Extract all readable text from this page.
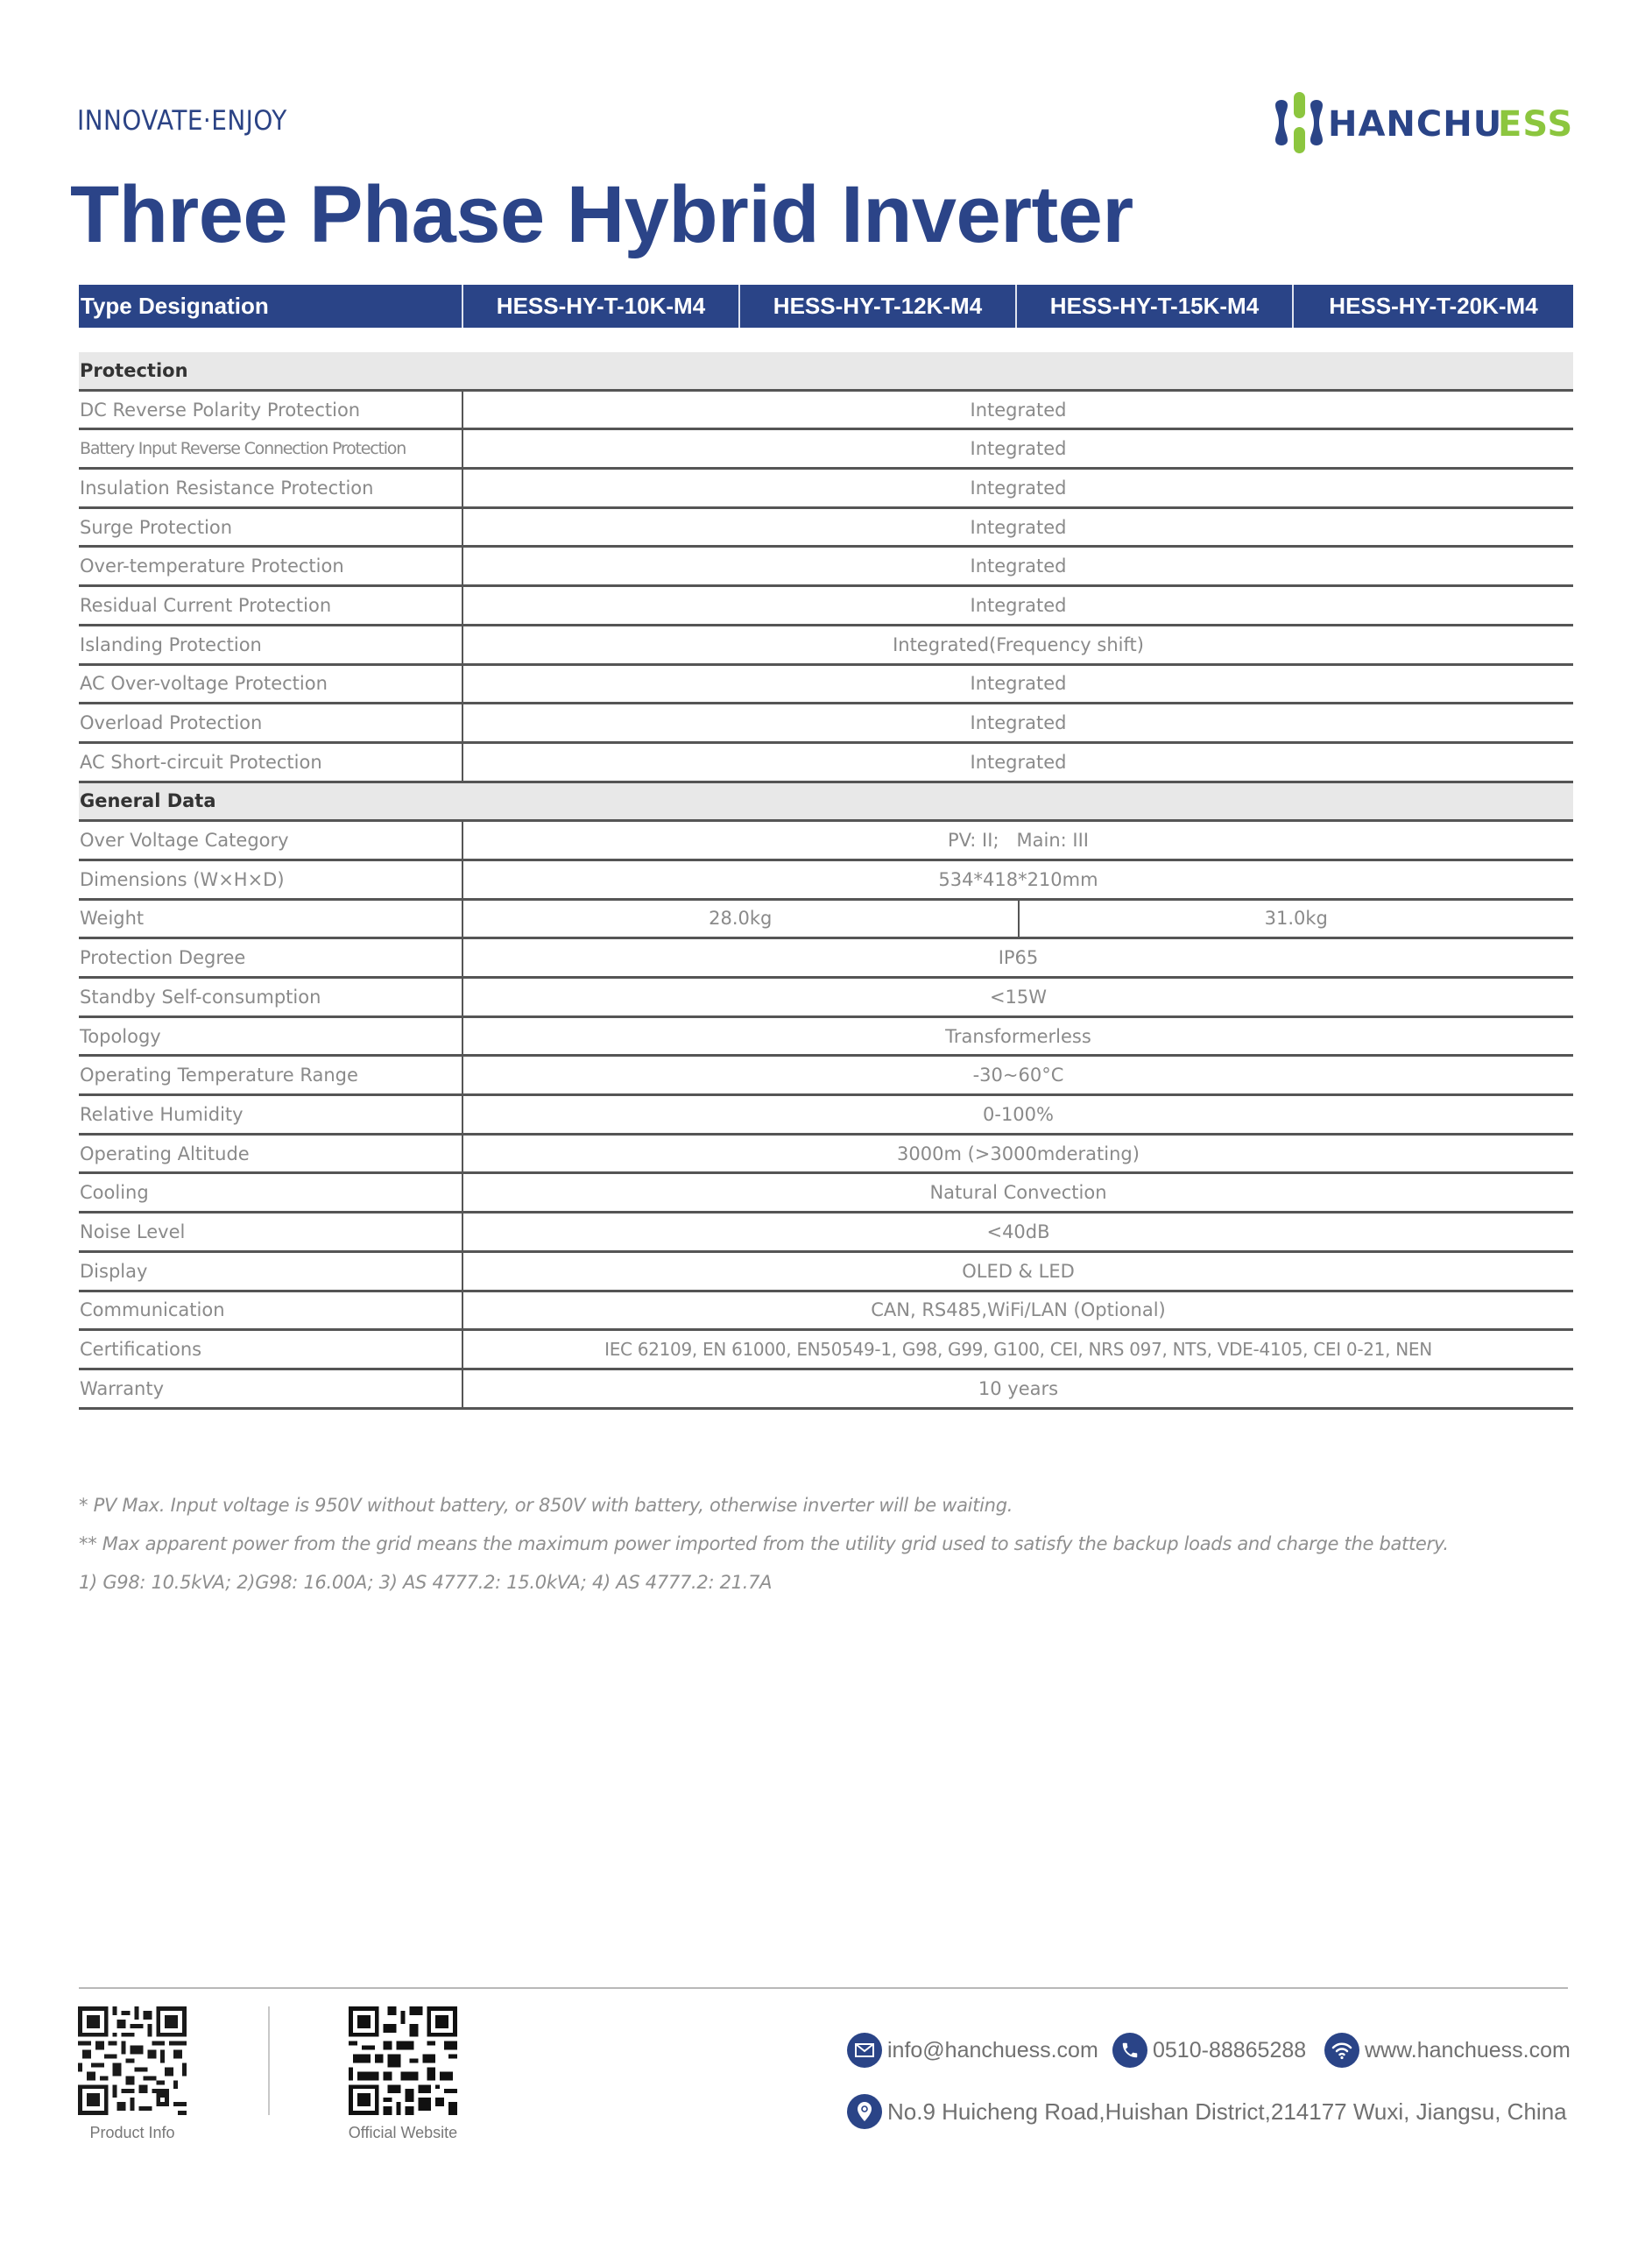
INNOVATE·ENJOY
Three Phase Hybrid Inverter
HANCHU
ESS
Type Designation	HESS-HY-T-10K-M4	HESS-HY-T-12K-M4	HESS-HY-T-15K-M4	HESS-HY-T-20K-M4
Protection
DC Reverse Polarity Protection	Integrated
Battery Input Reverse Connection Protection	Integrated
Insulation Resistance Protection	Integrated
Surge Protection	Integrated
Over-temperature Protection	Integrated
Residual Current Protection	Integrated
Islanding Protection	Integrated(Frequency shift)
AC Over-voltage Protection	Integrated
Overload Protection	Integrated
AC Short-circuit Protection	Integrated
General Data
Over Voltage Category	PV: II;   Main: III
Dimensions (W×H×D)	534*418*210mm
Weight	28.0kg	31.0kg
Protection Degree	IP65
Standby Self-consumption	<15W
Topology	Transformerless
Operating Temperature Range	-30~60°C
Relative Humidity	0-100%
Operating Altitude	3000m (>3000mderating)
Cooling	Natural Convection
Noise Level	<40dB
Display	OLED & LED
Communication	CAN, RS485,WiFi/LAN (Optional)
Certifications	IEC 62109, EN 61000, EN50549-1, G98, G99, G100, CEI, NRS 097, NTS, VDE-4105, CEI 0-21, NEN
Warranty	10 years
* PV Max. Input voltage is 950V without battery, or 850V with battery, otherwise inverter will be waiting.
** Max apparent power from the grid means the maximum power imported from the utility grid used to satisfy the backup loads and charge the battery.
1) G98: 10.5kVA; 2)G98: 16.00A; 3) AS 4777.2: 15.0kVA; 4) AS 4777.2: 21.7A
Product Info	Official Website
info@hanchuess.com 0510-88865288	www.hanchuess.com
No.9 Huicheng Road,Huishan District,214177 Wuxi, Jiangsu, China
